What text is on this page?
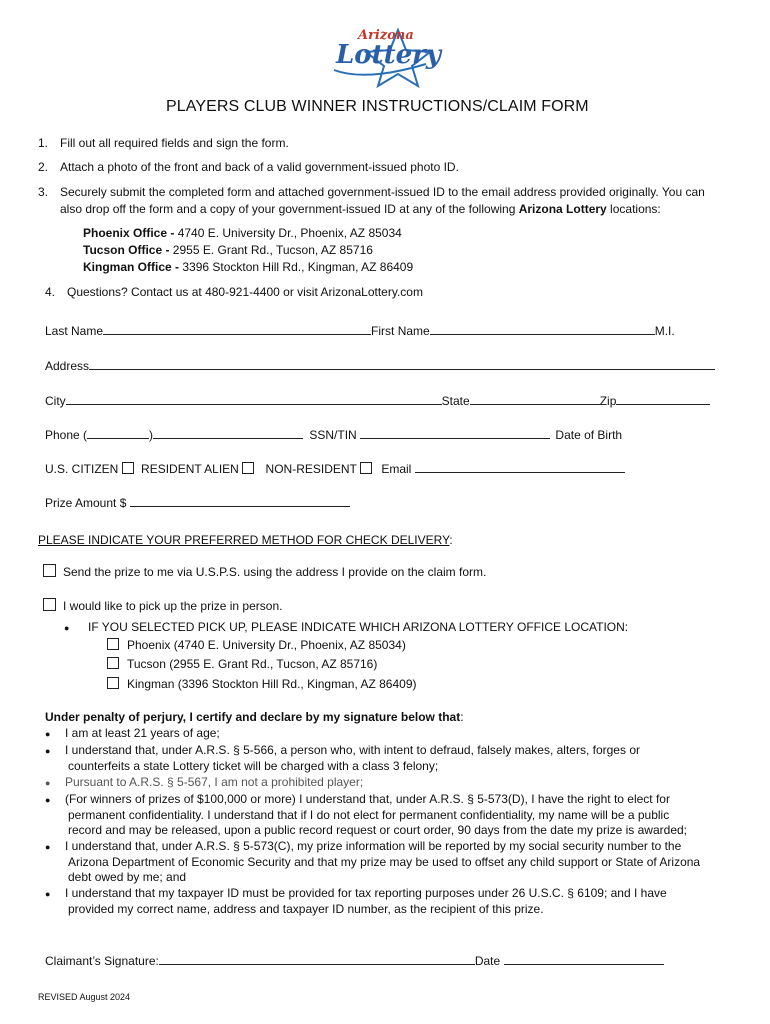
Arizona
Lottery
PLAYERS CLUB WINNER INSTRUCTIONS/CLAIM FORM
1. Fill out all required fields and sign the form.
2. Attach a photo of the front and back of a valid government-issued photo ID.
3. Securely submit the completed form and attached government-issued ID to the email address provided originally. You can
also drop off the form and a copy of your government-issued ID at any of the following Arizona Lottery locations:
Phoenix Office - 4740 E. University Dr., Phoenix, AZ 85034
Tucson Office - 2955 E. Grant Rd., Tucson, AZ 85716
Kingman Office - 3396 Stockton Hill Rd., Kingman, AZ 86409
4. Questions? Contact us at 480-921-4400 or visit ArizonaLottery.com
Last Name	First Name	M.I.
Address
City	State	Zip
Phone (	)	SSN/TIN	Date of Birth
U.S. CITIZEN RESIDENT ALIEN NON-RESIDENT Email
Prize Amount $
PLEASE INDICATE YOUR PREFERRED METHOD FOR CHECK DELIVERY:
Send the prize to me via U.S.P.S. using the address I provide on the claim form.
I would like to pick up the prize in person.
● IF YOU SELECTED PICK UP, PLEASE INDICATE WHICH ARIZONA LOTTERY OFFICE LOCATION:
Phoenix (4740 E. University Dr., Phoenix, AZ 85034)
Tucson (2955 E. Grant Rd., Tucson, AZ 85716)
Kingman (3396 Stockton Hill Rd., Kingman, AZ 86409)
Under penalty of perjury, I certify and declare by my signature below that:
● I am at least 21 years of age;
● I understand that, under A.R.S. § 5-566, a person who, with intent to defraud, falsely makes, alters, forges or
counterfeits a state Lottery ticket will be charged with a class 3 felony;
● Pursuant to A.R.S. § 5-567, I am not a prohibited player;
● (For winners of prizes of $100,000 or more) I understand that, under A.R.S. § 5-573(D), I have the right to elect for
permanent confidentiality. I understand that if I do not elect for permanent confidentiality, my name will be a public
record and may be released, upon a public record request or court order, 90 days from the date my prize is awarded;
● I understand that, under A.R.S. § 5-573(C), my prize information will be reported by my social security number to the
Arizona Department of Economic Security and that my prize may be used to offset any child support or State of Arizona
debt owed by me; and
● I understand that my taxpayer ID must be provided for tax reporting purposes under 26 U.S.C. § 6109; and I have
provided my correct name, address and taxpayer ID number, as the recipient of this prize.
Claimant’s Signature:	Date
REVISED August 2024
